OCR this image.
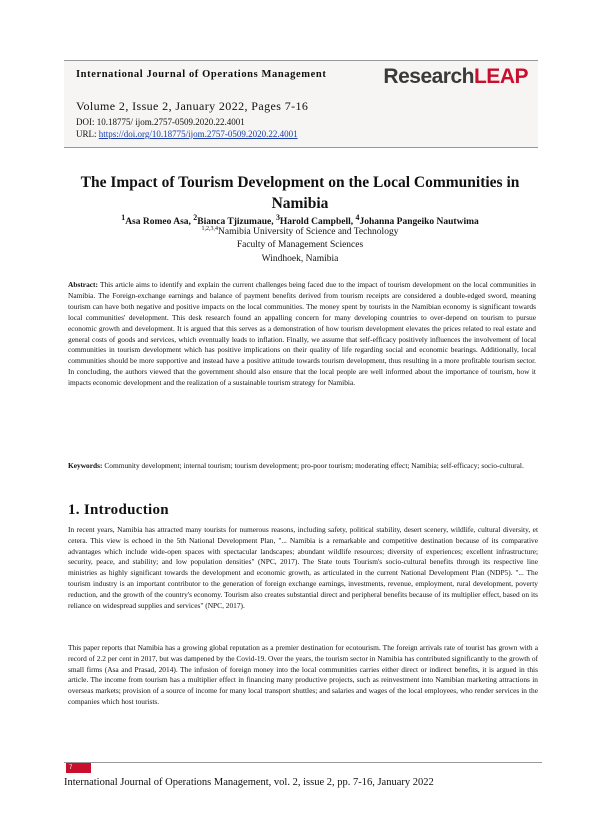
International Journal of Operations Management	ResearchLEAP
Volume 2, Issue 2, January 2022, Pages 7-16
DOI: 10.18775/ ijom.2757-0509.2020.22.4001
URL: https://doi.org/10.18775/ijom.2757-0509.2020.22.4001
The Impact of Tourism Development on the Local Communities in Namibia
$^1$Asa Romeo Asa, $^2$Bianca Tjizumaue, $^3$Harold Campbell, $^4$Johanna Pangeiko Nautwima
$^{1,2,3,4}$Namibia University of Science and Technology
Faculty of Management Sciences
Windhoek, Namibia
Abstract: This article aims to identify and explain the current challenges being faced due to the impact of tourism development on the local communities in Namibia. The Foreign-exchange earnings and balance of payment benefits derived from tourism receipts are considered a double-edged sword, meaning tourism can have both negative and positive impacts on the local communities. The money spent by tourists in the Namibian economy is significant towards local communities' development. This desk research found an appalling concern for many developing countries to over-depend on tourism to pursue economic growth and development. It is argued that this serves as a demonstration of how tourism development elevates the prices related to real estate and general costs of goods and services, which eventually leads to inflation. Finally, we assume that self-efficacy positively influences the involvement of local communities in tourism development which has positive implications on their quality of life regarding social and economic bearings. Additionally, local communities should be more supportive and instead have a positive attitude towards tourism development, thus resulting in a more profitable tourism sector. In concluding, the authors viewed that the government should also ensure that the local people are well informed about the importance of tourism, how it impacts economic development and the realization of a sustainable tourism strategy for Namibia.
Keywords: Community development; internal tourism; tourism development; pro-poor tourism; moderating effect; Namibia; self-efficacy; socio-cultural.
1. Introduction
In recent years, Namibia has attracted many tourists for numerous reasons, including safety, political stability, desert scenery, wildlife, cultural diversity, et cetera. This view is echoed in the 5th National Development Plan, "... Namibia is a remarkable and competitive destination because of its comparative advantages which include wide-open spaces with spectacular landscapes; abundant wildlife resources; diversity of experiences; excellent infrastructure; security, peace, and stability; and low population densities" (NPC, 2017). The State touts Tourism's socio-cultural benefits through its respective line ministries as highly significant towards the development and economic growth, as articulated in the current National Development Plan (NDP5). "... The tourism industry is an important contributor to the generation of foreign exchange earnings, investments, revenue, employment, rural development, poverty reduction, and the growth of the country's economy. Tourism also creates substantial direct and peripheral benefits because of its multiplier effect, based on its reliance on widespread supplies and services" (NPC, 2017).
This paper reports that Namibia has a growing global reputation as a premier destination for ecotourism. The foreign arrivals rate of tourist has grown with a record of 2.2 per cent in 2017, but was dampened by the Covid-19. Over the years, the tourism sector in Namibia has contributed significantly to the growth of small firms (Asa and Prasad, 2014). The infusion of foreign money into the local communities carries either direct or indirect benefits, it is argued in this article. The income from tourism has a multiplier effect in financing many productive projects, such as reinvestment into Namibian marketing attractions in overseas markets; provision of a source of income for many local transport shuttles; and salaries and wages of the local employees, who render services in the companies which host tourists.
7
International Journal of Operations Management, vol. 2, issue 2, pp. 7-16, January 2022
